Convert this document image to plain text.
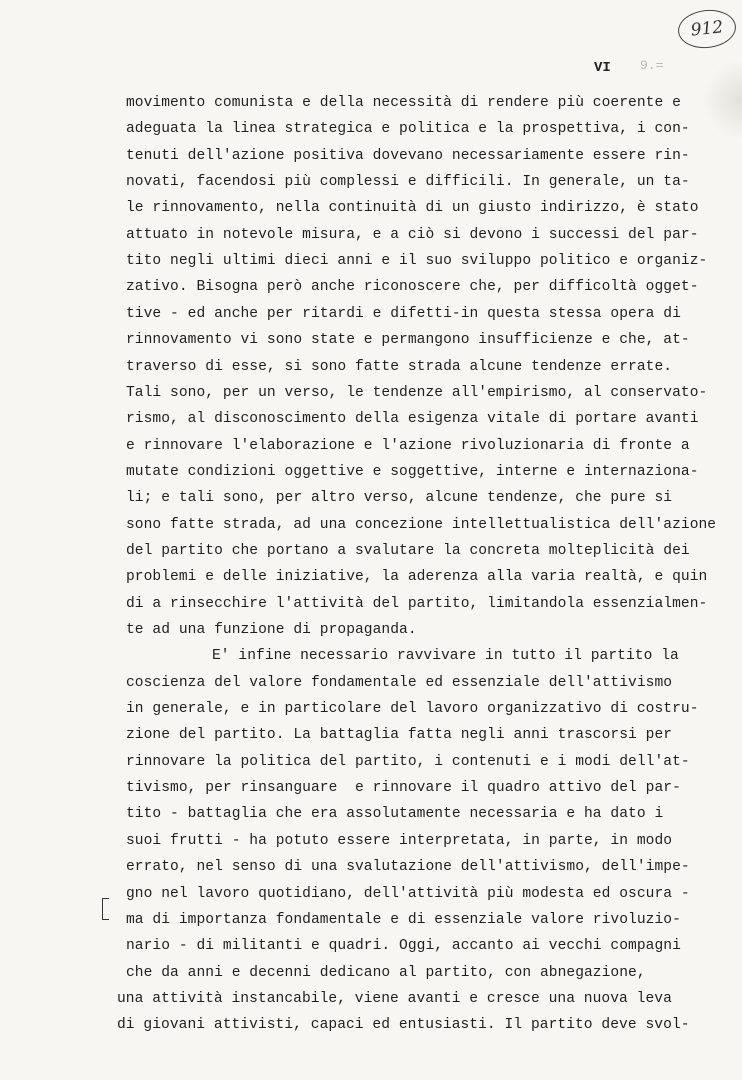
912
VI 9.=
movimento comunista e della necessità di rendere più coerente e
adeguata la linea strategica e politica e la prospettiva, i con-
tenuti dell'azione positiva dovevano necessariamente essere rin-
novati, facendosi più complessi e difficili. In generale, un ta-
le rinnovamento, nella continuità di un giusto indirizzo, è stato
attuato in notevole misura, e a ciò si devono i successi del par-
tito negli ultimi dieci anni e il suo sviluppo politico e organiz-
zativo. Bisogna però anche riconoscere che, per difficoltà ogget-
tive - ed anche per ritardi e difetti-in questa stessa opera di
rinnovamento vi sono state e permangono insufficienze e che, at-
traverso di esse, si sono fatte strada alcune tendenze errate.
Tali sono, per un verso, le tendenze all'empirismo, al conservato-
rismo, al disconoscimento della esigenza vitale di portare avanti
e rinnovare l'elaborazione e l'azione rivoluzionaria di fronte a
mutate condizioni oggettive e soggettive, interne e internaziona-
li; e tali sono, per altro verso, alcune tendenze, che pure si
sono fatte strada, ad una concezione intellettualistica dell'azione
del partito che portano a svalutare la concreta molteplicità dei
problemi e delle iniziative, la aderenza alla varia realtà, e quin
di a rinsecchire l'attività del partito, limitandola essenzialmen-
te ad una funzione di propaganda.
E' infine necessario ravvivare in tutto il partito la
coscienza del valore fondamentale ed essenziale dell'attivismo
in generale, e in particolare del lavoro organizzativo di costru-
zione del partito. La battaglia fatta negli anni trascorsi per
rinnovare la politica del partito, i contenuti e i modi dell'at-
tivismo, per rinsanguare  e rinnovare il quadro attivo del par-
tito - battaglia che era assolutamente necessaria e ha dato i
suoi frutti - ha potuto essere interpretata, in parte, in modo
errato, nel senso di una svalutazione dell'attivismo, dell'impe-
gno nel lavoro quotidiano, dell'attività più modesta ed oscura -
ma di importanza fondamentale e di essenziale valore rivoluzio-
nario - di militanti e quadri. Oggi, accanto ai vecchi compagni
che da anni e decenni dedicano al partito, con abnegazione,
una attività instancabile, viene avanti e cresce una nuova leva
di giovani attivisti, capaci ed entusiasti. Il partito deve svol-
